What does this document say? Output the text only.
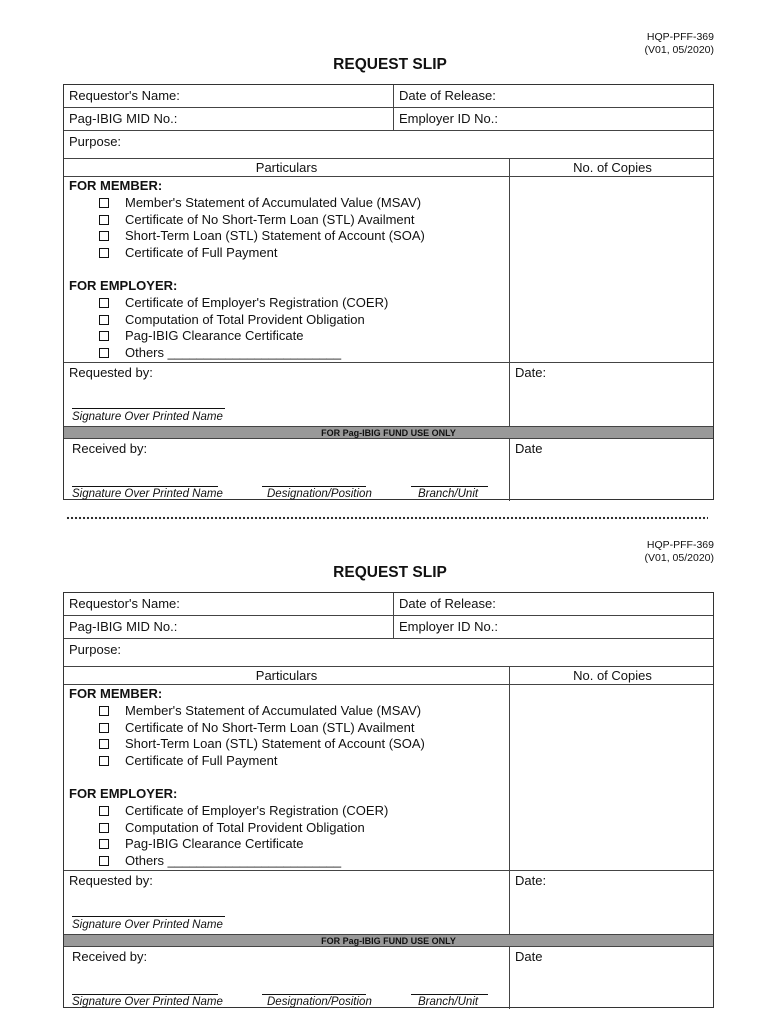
HQP-PFF-369
(V01, 05/2020)
REQUEST SLIP
Requestor's Name:	Date of Release:
Pag-IBIG MID No.:	Employer ID No.:
Purpose:
Particulars	No. of Copies
FOR MEMBER:
FOR EMPLOYER:
Member's Statement of Accumulated Value (MSAV)
Certificate of No Short-Term Loan (STL) Availment
Short-Term Loan (STL) Statement of Account (SOA)
Certificate of Full Payment
Certificate of Employer's Registration (COER)
Computation of Total Provident Obligation
Pag-IBIG Clearance Certificate
Others ________________________
Requested by:	Date:
Signature Over Printed Name
FOR Pag-IBIG FUND USE ONLY
Received by:	Date
Signature Over Printed Name	Designation/Position	Branch/Unit
HQP-PFF-369
(V01, 05/2020)
REQUEST SLIP
Requestor's Name:	Date of Release:
Pag-IBIG MID No.:	Employer ID No.:
Purpose:
Particulars	No. of Copies
FOR MEMBER:
FOR EMPLOYER:
Member's Statement of Accumulated Value (MSAV)
Certificate of No Short-Term Loan (STL) Availment
Short-Term Loan (STL) Statement of Account (SOA)
Certificate of Full Payment
Certificate of Employer's Registration (COER)
Computation of Total Provident Obligation
Pag-IBIG Clearance Certificate
Others ________________________
Requested by:	Date:
Signature Over Printed Name
FOR Pag-IBIG FUND USE ONLY
Received by:	Date
Signature Over Printed Name	Designation/Position	Branch/Unit
